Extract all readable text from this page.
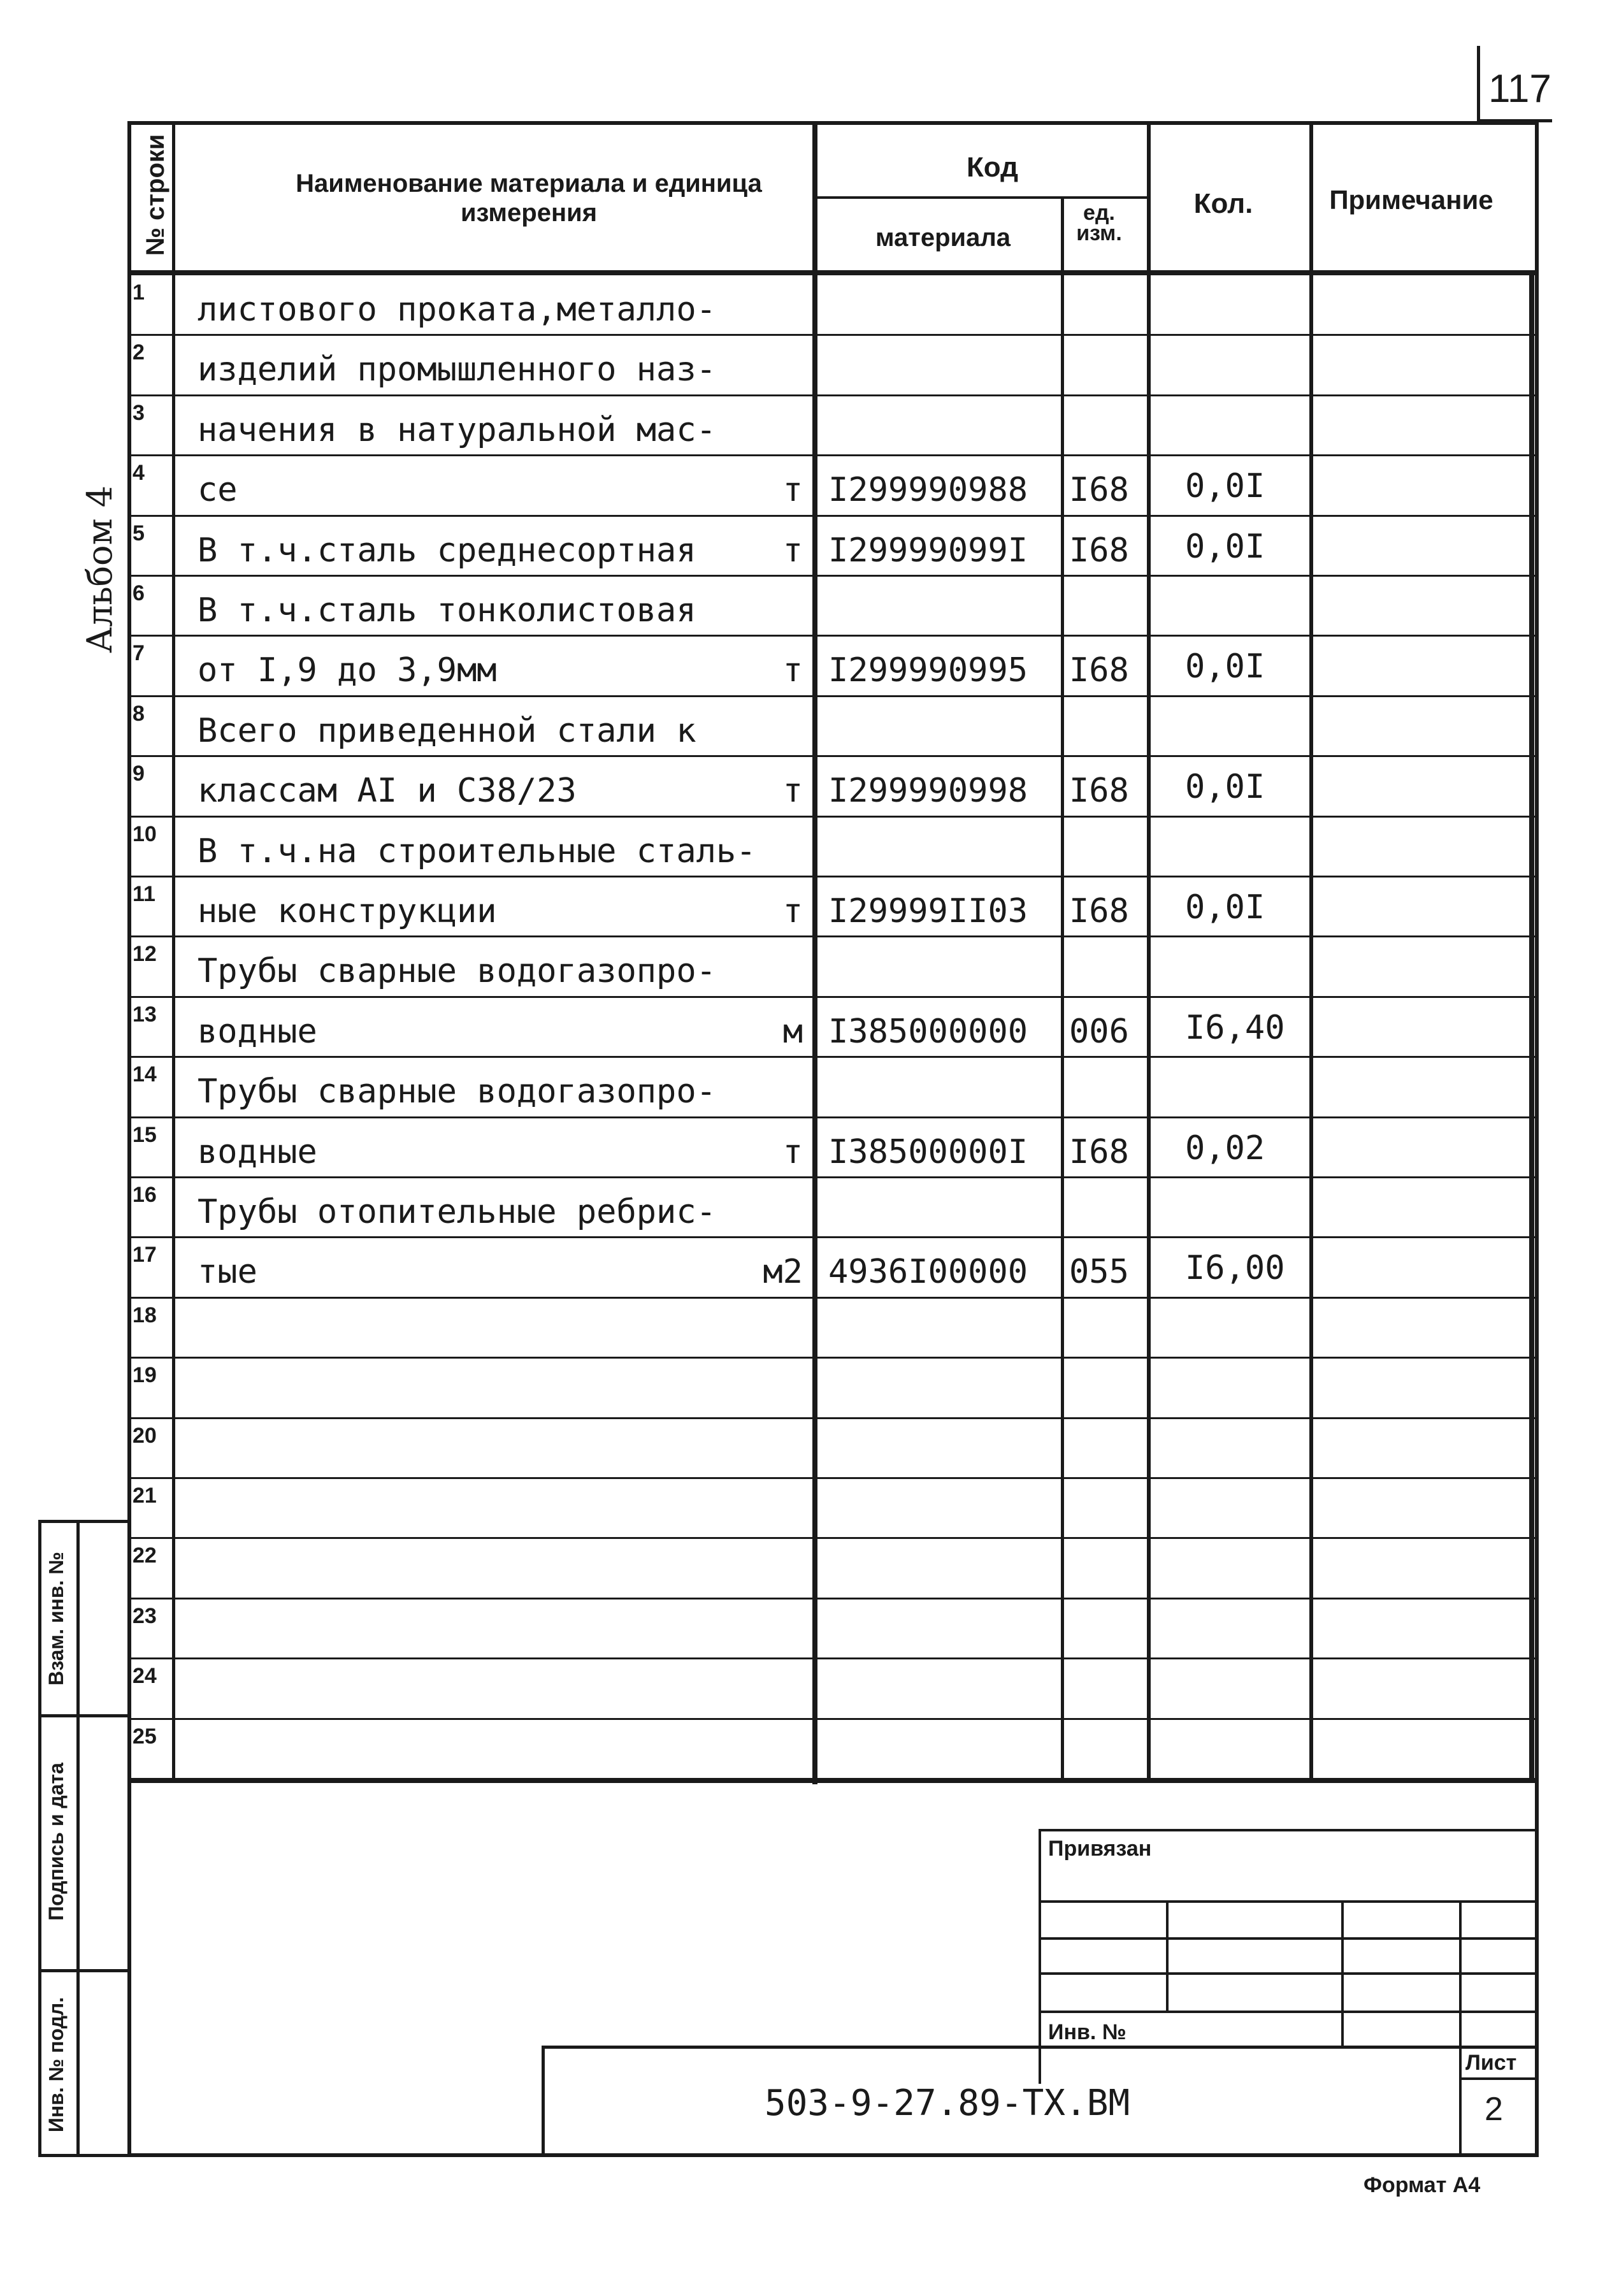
117
Альбом 4
№ строки	Наименование материала и единица измерения
Код
материала
ед. изм.
Кол.	Примечание
1 листового проката,металло-
2 изделий промышленного наз-
3 начения в натуральной мас-
4 се	т I299990988 I68 0,0I
5 В т.ч.сталь среднесортная	т I29999099I I68 0,0I
6 В т.ч.сталь тонколистовая
7 от I,9 до 3,9мм	т I299990995 I68 0,0I
8 Всего приведенной стали к
9 классам АI и С38/23	т I299990998 I68 0,0I
10 В т.ч.на строительные сталь-
11 ные конструкции	т I29999II03 I68 0,0I
12 Трубы сварные водогазопро-
13 водные	м I385000000 006 I6,40
14 Трубы сварные водогазопро-
15 водные	т I38500000I I68 0,02
16 Трубы отопительные ребрис-
17 тые	м2 4936I00000 055 I6,00
18
19
20
21
22
23
24
25
Взам. инв. №
Подпись и дата
Инв. № подл.
Привязан
Инв. №
503-9-27.89-ТХ.ВМ
Лист
2
Формат А4
